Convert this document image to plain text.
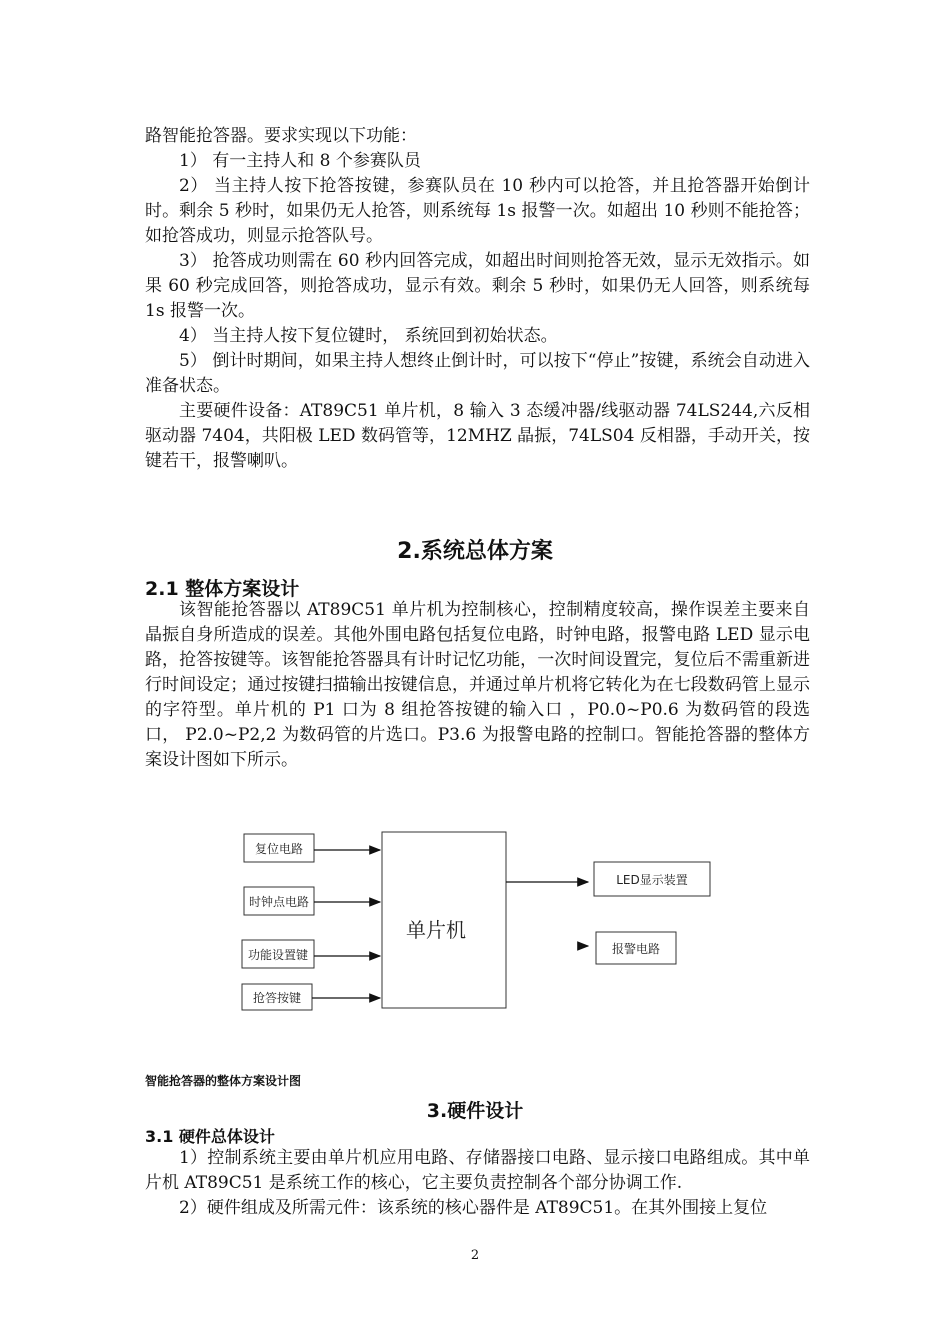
路智能抢答器。要求实现以下功能：

1） 有一主持人和 8 个参赛队员

2） 当主持人按下抢答按键，参赛队员在 10 秒内可以抢答，并且抢答器开始倒计时。剩余 5 秒时，如果仍无人抢答，则系统每 1s 报警一次。如超出 10 秒则不能抢答；如抢答成功，则显示抢答队号。

3） 抢答成功则需在 60 秒内回答完成，如超出时间则抢答无效，显示无效指示。如果 60 秒完成回答，则抢答成功，显示有效。剩余 5 秒时，如果仍无人回答，则系统每 1s 报警一次。

4） 当主持人按下复位键时， 系统回到初始状态。

5） 倒计时期间，如果主持人想终止倒计时，可以按下“停止”按键，系统会自动进入准备状态。

主要硬件设备：AT89C51 单片机，8 输入 3 态缓冲器/线驱动器 74LS244,六反相驱动器 7404，共阳极 LED 数码管等，12MHZ 晶振，74LS04 反相器，手动开关，按键若干，报警喇叭。

2.系统总体方案
2.1 整体方案设计

该智能抢答器以 AT89C51 单片机为控制核心，控制精度较高，操作误差主要来自晶振自身所造成的误差。其他外围电路包括复位电路，时钟电路，报警电路 LED 显示电路，抢答按键等。该智能抢答器具有计时记忆功能，一次时间设置完，复位后不需重新进行时间设定；通过按键扫描输出按键信息，并通过单片机将它转化为在七段数码管上显示的字符型。单片机的 P1 口为 8 组抢答按键的输入口 ，P0.0~P0.6 为数码管的段选口， P2.0~P2,2 为数码管的片选口。P3.6 为报警电路的控制口。智能抢答器的整体方案设计图如下所示。

复位电路
时钟点电路
功能设置键
抢答按键
单片机
LED显示装置
报警电路
智能抢答器的整体方案设计图
3.硬件设计
3.1 硬件总体设计

1）控制系统主要由单片机应用电路、存储器接口电路、显示接口电路组成。其中单片机 AT89C51 是系统工作的核心，它主要负责控制各个部分协调工作.

2）硬件组成及所需元件：该系统的核心器件是 AT89C51。在其外围接上复位

2
